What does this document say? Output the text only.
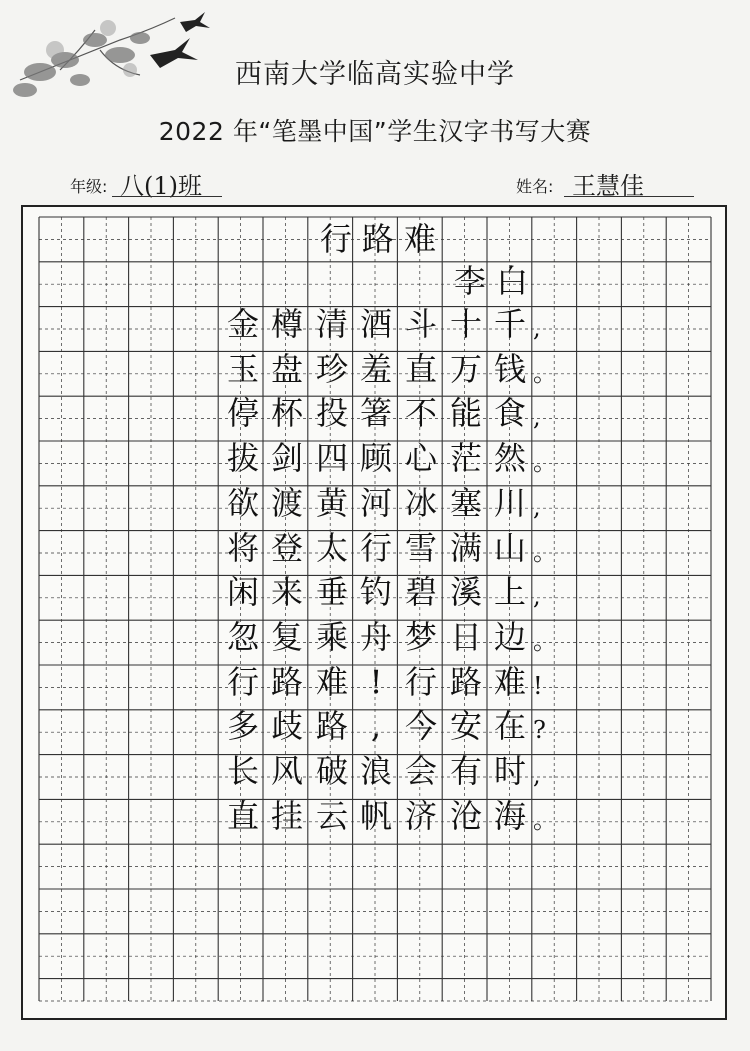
西南大学临高实验中学
2022 年“笔墨中国”学生汉字书写大赛
年级: 八(1)班	姓名: 王慧佳
行 路 难
李 白
金 樽 清 酒 斗 十 千 ,
玉 盘 珍 羞 直 万 钱 。
停 杯 投 箸 不 能 食 ,
拔 剑 四 顾 心 茫 然 。
欲 渡 黄 河 冰 塞 川 ,
将 登 太 行 雪 满 山 。
闲 来 垂 钓 碧 溪 上 ,
忽 复 乘 舟 梦 日 边 。
行 路 难 ! 行 路 难 !
多 歧 路 , 今 安 在 ?
长 风 破 浪 会 有 时 ,
直 挂 云 帆 济 沧 海 。
